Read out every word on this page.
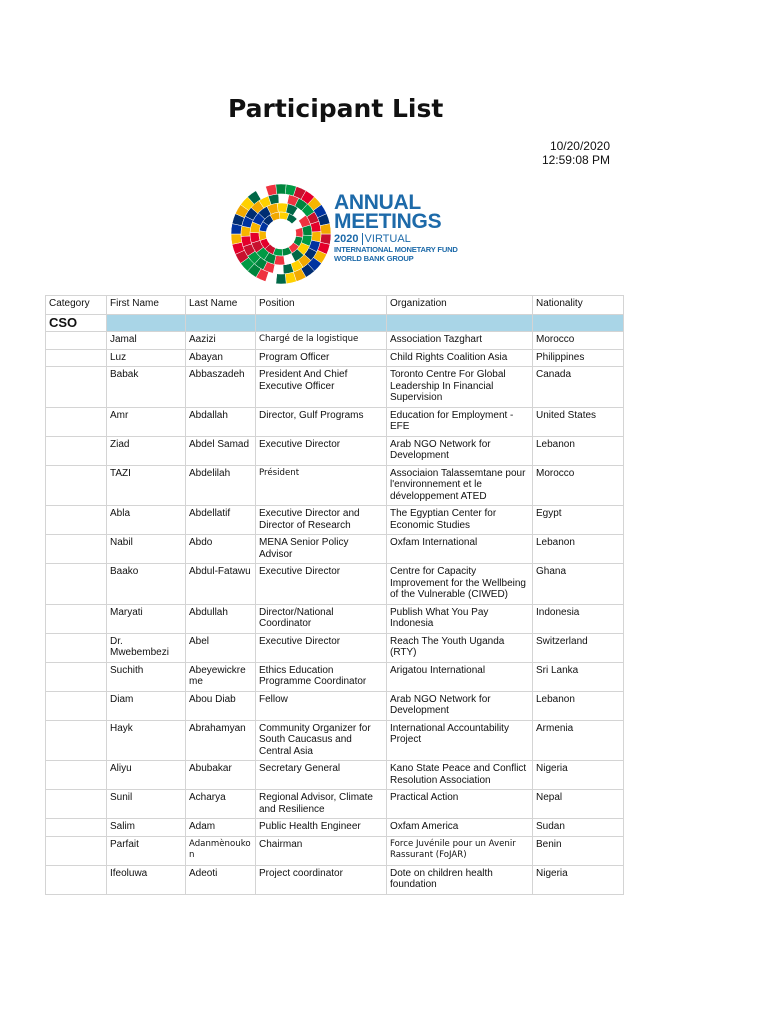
Participant List
10/20/2020
12:59:08 PM
ANNUAL
MEETINGS
2020 VIRTUAL
INTERNATIONAL MONETARY FUND
WORLD BANK GROUP
Category	First Name	Last Name	Position	Organization	Nationality
CSO					
	Jamal	Aazizi	Chargé de la logistique	Association Tazghart	Morocco
	Luz	Abayan	Program Officer	Child Rights Coalition Asia	Philippines
	Babak	Abbaszadeh	President And Chief Executive Officer	Toronto Centre For Global Leadership In Financial Supervision	Canada
	Amr	Abdallah	Director, Gulf Programs	Education for Employment - EFE	United States
	Ziad	Abdel Samad	Executive Director	Arab NGO Network for Development	Lebanon
	TAZI	Abdelilah	Président	Associaion Talassemtane pour l'environnement et le développement ATED	Morocco
	Abla	Abdellatif	Executive Director and Director of Research	The Egyptian Center for Economic Studies	Egypt
	Nabil	Abdo	MENA Senior Policy Advisor	Oxfam International	Lebanon
	Baako	Abdul-Fatawu	Executive Director	Centre for Capacity Improvement for the Wellbeing of the Vulnerable (CIWED)	Ghana
	Maryati	Abdullah	Director/National Coordinator	Publish What You Pay Indonesia	Indonesia
	Dr. Mwebembezi	Abel	Executive Director	Reach The Youth Uganda (RTY)	Switzerland
	Suchith	Abeyewickreme	Ethics Education Programme Coordinator	Arigatou International	Sri Lanka
	Diam	Abou Diab	Fellow	Arab NGO Network for Development	Lebanon
	Hayk	Abrahamyan	Community Organizer for South Caucasus and Central Asia	International Accountability Project	Armenia
	Aliyu	Abubakar	Secretary General	Kano State Peace and Conflict Resolution Association	Nigeria
	Sunil	Acharya	Regional Advisor, Climate and Resilience	Practical Action	Nepal
	Salim	Adam	Public Health Engineer	Oxfam America	Sudan
	Parfait	Adanmènoukon	Chairman	Force Juvénile pour un Avenir Rassurant (FoJAR)	Benin
	Ifeoluwa	Adeoti	Project coordinator	Dote on children health foundation	Nigeria
